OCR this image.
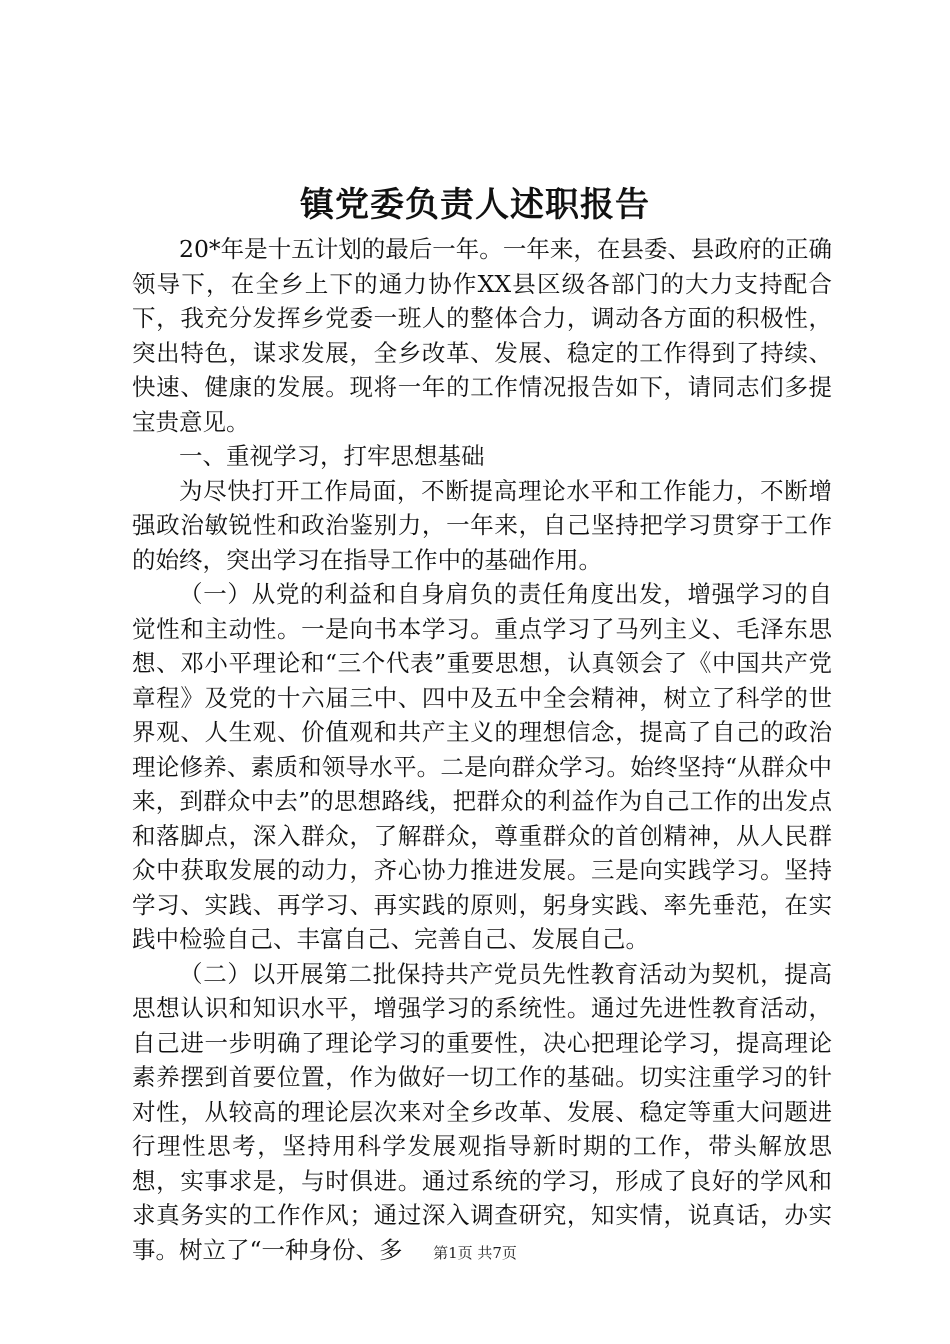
镇党委负责人述职报告

20*年是十五计划的最后一年。一年来，在县委、县政府的正确领导下，在全乡上下的通力协作XX县区级各部门的大力支持配合下，我充分发挥乡党委一班人的整体合力，调动各方面的积极性，突出特色，谋求发展，全乡改革、发展、稳定的工作得到了持续、快速、健康的发展。现将一年的工作情况报告如下，请同志们多提宝贵意见。

一、重视学习，打牢思想基础

为尽快打开工作局面，不断提高理论水平和工作能力，不断增强政治敏锐性和政治鉴别力，一年来，自己坚持把学习贯穿于工作的始终，突出学习在指导工作中的基础作用。

（一）从党的利益和自身肩负的责任角度出发，增强学习的自觉性和主动性。一是向书本学习。重点学习了马列主义、毛泽东思想、邓小平理论和“三个代表”重要思想，认真领会了《中国共产党章程》及党的十六届三中、四中及五中全会精神，树立了科学的世界观、人生观、价值观和共产主义的理想信念，提高了自己的政治理论修养、素质和领导水平。二是向群众学习。始终坚持“从群众中来，到群众中去”的思想路线，把群众的利益作为自己工作的出发点和落脚点，深入群众，了解群众，尊重群众的首创精神，从人民群众中获取发展的动力，齐心协力推进发展。三是向实践学习。坚持学习、实践、再学习、再实践的原则，躬身实践、率先垂范，在实践中检验自己、丰富自己、完善自己、发展自己。

（二）以开展第二批保持共产党员先性教育活动为契机，提高思想认识和知识水平，增强学习的系统性。通过先进性教育活动，自己进一步明确了理论学习的重要性，决心把理论学习，提高理论素养摆到首要位置，作为做好一切工作的基础。切实注重学习的针对性，从较高的理论层次来对全乡改革、发展、稳定等重大问题进行理性思考，坚持用科学发展观指导新时期的工作，带头解放思想，实事求是，与时俱进。通过系统的学习，形成了良好的学风和求真务实的工作作风；通过深入调查研究，知实情，说真话，办实事。树立了“一种身份、多	第1页 共7页
